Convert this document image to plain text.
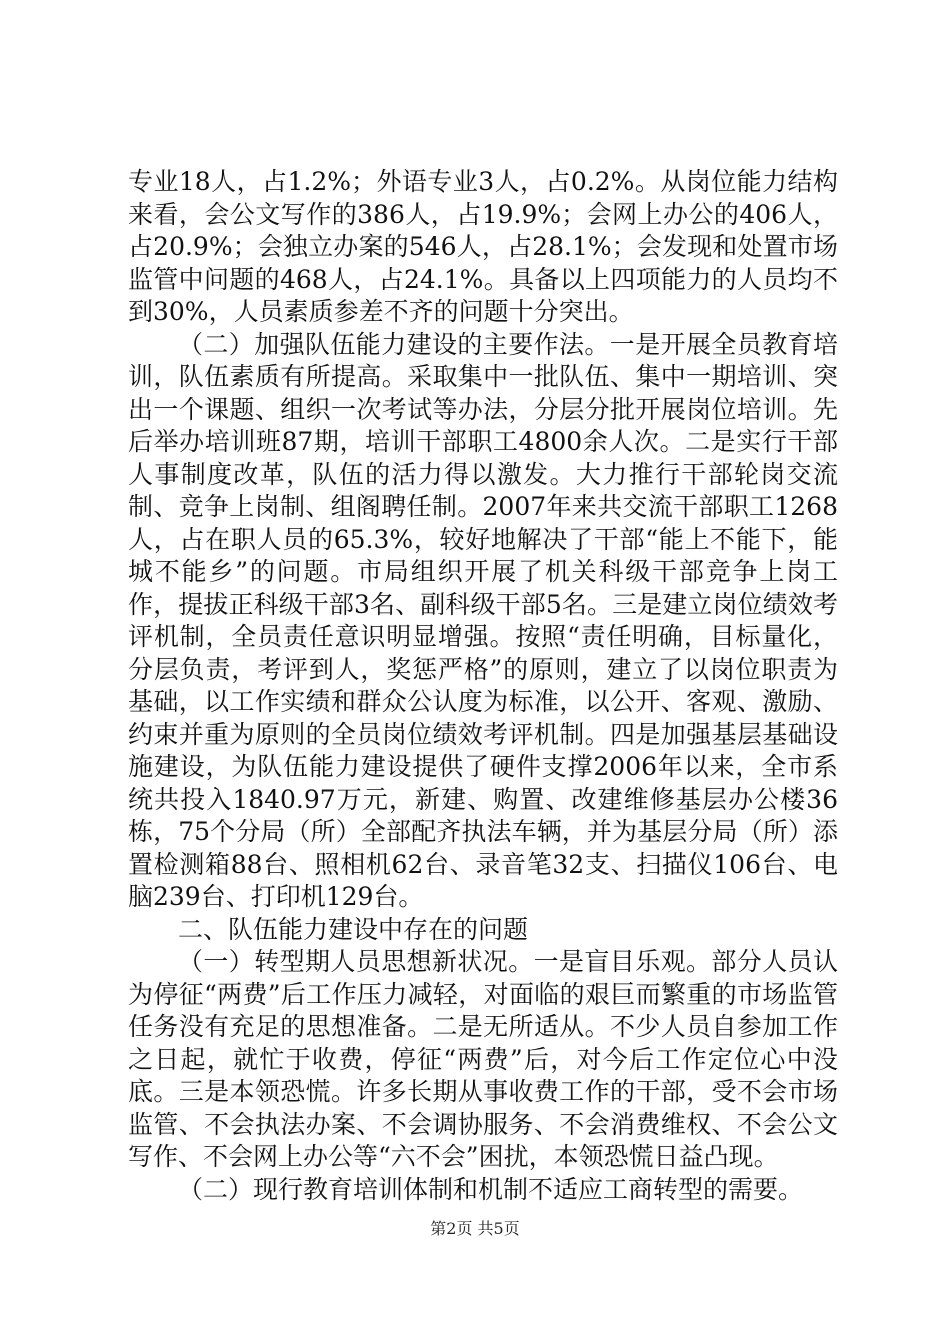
专业18人，占1.2%；外语专业3人，占0.2%。从岗位能力结构来看，会公文写作的386人，占19.9%；会网上办公的406人，占20.9%；会独立办案的546人，占28.1%；会发现和处置市场监管中问题的468人，占24.1%。具备以上四项能力的人员均不到30%，人员素质参差不齐的问题十分突出。

（二）加强队伍能力建设的主要作法。一是开展全员教育培训，队伍素质有所提高。采取集中一批队伍、集中一期培训、突出一个课题、组织一次考试等办法，分层分批开展岗位培训。先后举办培训班87期，培训干部职工4800余人次。二是实行干部人事制度改革，队伍的活力得以激发。大力推行干部轮岗交流制、竞争上岗制、组阁聘任制。2007年来共交流干部职工1268人，占在职人员的65.3%，较好地解决了干部“能上不能下，能城不能乡”的问题。市局组织开展了机关科级干部竞争上岗工作，提拔正科级干部3名、副科级干部5名。三是建立岗位绩效考评机制，全员责任意识明显增强。按照“责任明确，目标量化，分层负责，考评到人，奖惩严格”的原则，建立了以岗位职责为基础，以工作实绩和群众公认度为标准，以公开、客观、激励、约束并重为原则的全员岗位绩效考评机制。四是加强基层基础设施建设，为队伍能力建设提供了硬件支撑2006年以来，全市系统共投入1840.97万元，新建、购置、改建维修基层办公楼36栋，75个分局（所）全部配齐执法车辆，并为基层分局（所）添置检测箱88台、照相机62台、录音笔32支、扫描仪106台、电脑239台、打印机129台。

二、队伍能力建设中存在的问题

（一）转型期人员思想新状况。一是盲目乐观。部分人员认为停征“两费”后工作压力减轻，对面临的艰巨而繁重的市场监管任务没有充足的思想准备。二是无所适从。不少人员自参加工作之日起，就忙于收费，停征“两费”后，对今后工作定位心中没底。三是本领恐慌。许多长期从事收费工作的干部，受不会市场监管、不会执法办案、不会调协服务、不会消费维权、不会公文写作、不会网上办公等“六不会”困扰，本领恐慌日益凸现。

（二）现行教育培训体制和机制不适应工商转型的需要。

第2页 共5页
